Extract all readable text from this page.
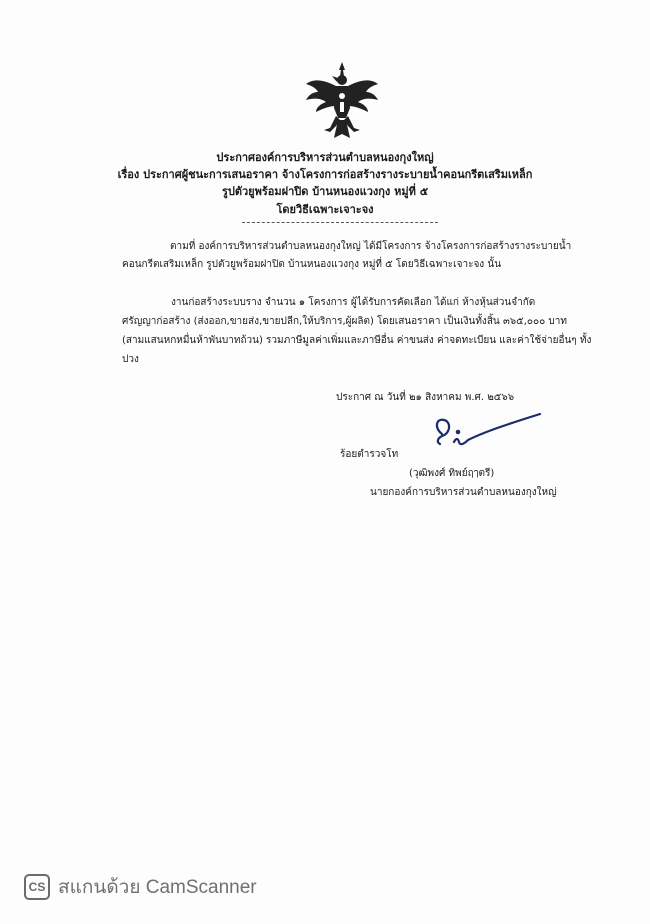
ประกาศองค์การบริหารส่วนตำบลหนองกุงใหญ่
เรื่อง ประกาศผู้ชนะการเสนอราคา จ้างโครงการก่อสร้างรางระบายน้ำคอนกรีตเสริมเหล็ก
รูปตัวยูพร้อมฝาปิด บ้านหนองแวงกุง หมู่ที่ ๕
โดยวิธีเฉพาะเจาะจง
ตามที่ องค์การบริหารส่วนตำบลหนองกุงใหญ่ ได้มีโครงการ จ้างโครงการก่อสร้างรางระบายน้ำ
คอนกรีตเสริมเหล็ก รูปตัวยูพร้อมฝาปิด บ้านหนองแวงกุง หมู่ที่ ๕ โดยวิธีเฉพาะเจาะจง นั้น
งานก่อสร้างระบบราง จำนวน ๑ โครงการ ผู้ได้รับการคัดเลือก ได้แก่ ห้างหุ้นส่วนจำกัด
ศรัญญาก่อสร้าง (ส่งออก,ขายส่ง,ขายปลีก,ให้บริการ,ผู้ผลิต) โดยเสนอราคา เป็นเงินทั้งสิ้น ๓๖๕,๐๐๐ บาท
(สามแสนหกหมื่นห้าพันบาทถ้วน) รวมภาษีมูลค่าเพิ่มและภาษีอื่น ค่าขนส่ง ค่าจดทะเบียน และค่าใช้จ่ายอื่นๆ ทั้ง
ปวง
ประกาศ ณ วันที่ ๒๑ สิงหาคม พ.ศ. ๒๕๖๖
ร้อยตำรวจโท
(วุฒิพงศ์ ทิพย์ฤๅตรี)
นายกองค์การบริหารส่วนตำบลหนองกุงใหญ่
CS สแกนด้วย CamScanner
